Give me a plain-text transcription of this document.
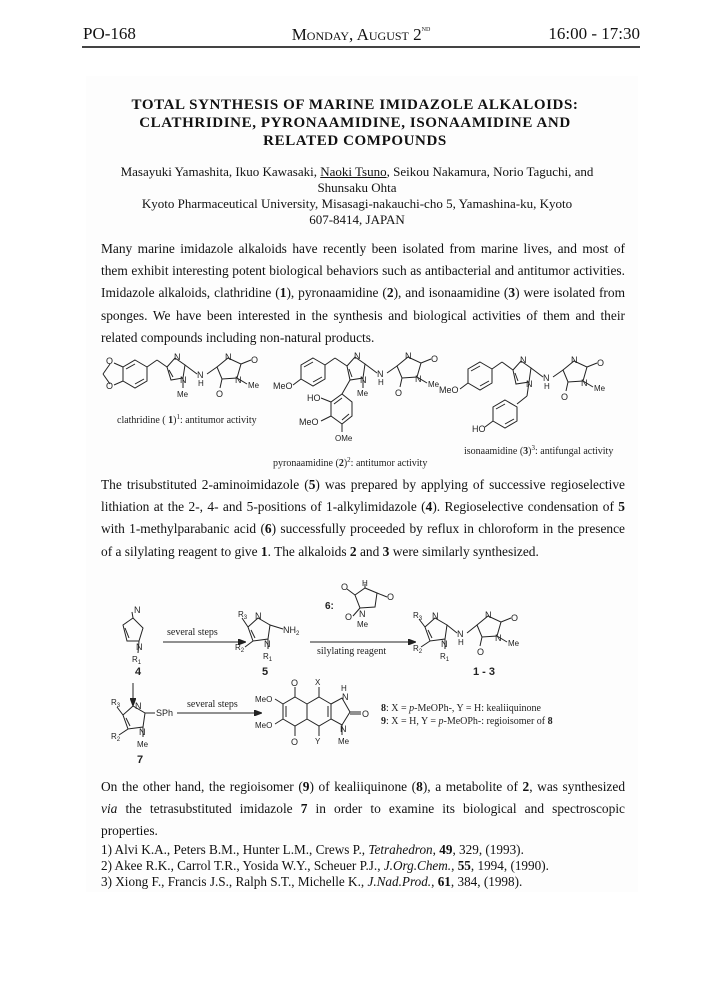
PO-168	Monday, August 2nd	16:00 - 17:30
TOTAL SYNTHESIS OF MARINE IMIDAZOLE ALKALOIDS:
CLATHRIDINE, PYRONAAMIDINE, ISONAAMIDINE AND
RELATED COMPOUNDS
Masayuki Yamashita, Ikuo Kawasaki, Naoki Tsuno, Seikou Nakamura, Norio Taguchi, and
Shunsaku Ohta
Kyoto Pharmaceutical University, Misasagi-nakauchi-cho 5, Yamashina-ku, Kyoto
607-8414, JAPAN
Many marine imidazole alkaloids have recently been isolated from marine lives, and most of them exhibit interesting potent biological behaviors such as antibacterial and antitumor activities. Imidazole alkaloids, clathridine (1), pyronaamidine (2), and isonaamidine (3) were isolated from sponges. We have been interested in the synthesis and biological activities of them and their related compounds including non-natural products.
O
O
N
N
Me
N
H
N O
N
Me
O
clathridine ( 1)$^1$: antitumor activity
MeO
N
N
Me
N
H
N O
N
Me
O
HO
MeO
OMe
pyronaamidine $(2)^2$: antitumor activity
MeO
N
N
N
H
N O
N
Me
O
HO
isonaamidine $(3)^3$: antifungal activity
The trisubstituted 2-aminoimidazole (5) was prepared by applying of successive regioselective lithiation at the 2-, 4- and 5-positions of 1-alkylimidazole (4). Regioselective condensation of 5 with 1-methylparabanic acid (6) successfully proceeded by reflux in chloroform in the presence of a silylating reagent to give 1. The alkaloids 2 and 3 were similarly synthesized.
N
N
$R_1$
4
several steps
$R_3$ N
$NH_2$
$R_2$
N
$R_1$
5
6:
O H
O
O N
Me
silylating reagent
$R_3$ N
$R_2$
N
$R_1$
N
H
N O
N
Me
O
1 - 3
$R_3$ N
SPh
$R_2$
N
Me
7
several steps
O
O
MeO
MeO
X
Y
H
N
O
N
Me
8: X = p-MeOPh-, Y = H: kealiiquinone
9: X = H, Y = p-MeOPh-: regioisomer of 8
On the other hand, the regioisomer (9) of kealiiquinone (8), a metabolite of 2, was synthesized via the tetrasubstituted imidazole 7 in order to examine its biological and spectroscopic properties.
1) Alvi K.A., Peters B.M., Hunter L.M., Crews P., Tetrahedron, 49, 329, (1993).
2) Akee R.K., Carrol T.R., Yosida W.Y., Scheuer P.J., J.Org.Chem., 55, 1994, (1990).
3) Xiong F., Francis J.S., Ralph S.T., Michelle K., J.Nad.Prod., 61, 384, (1998).
